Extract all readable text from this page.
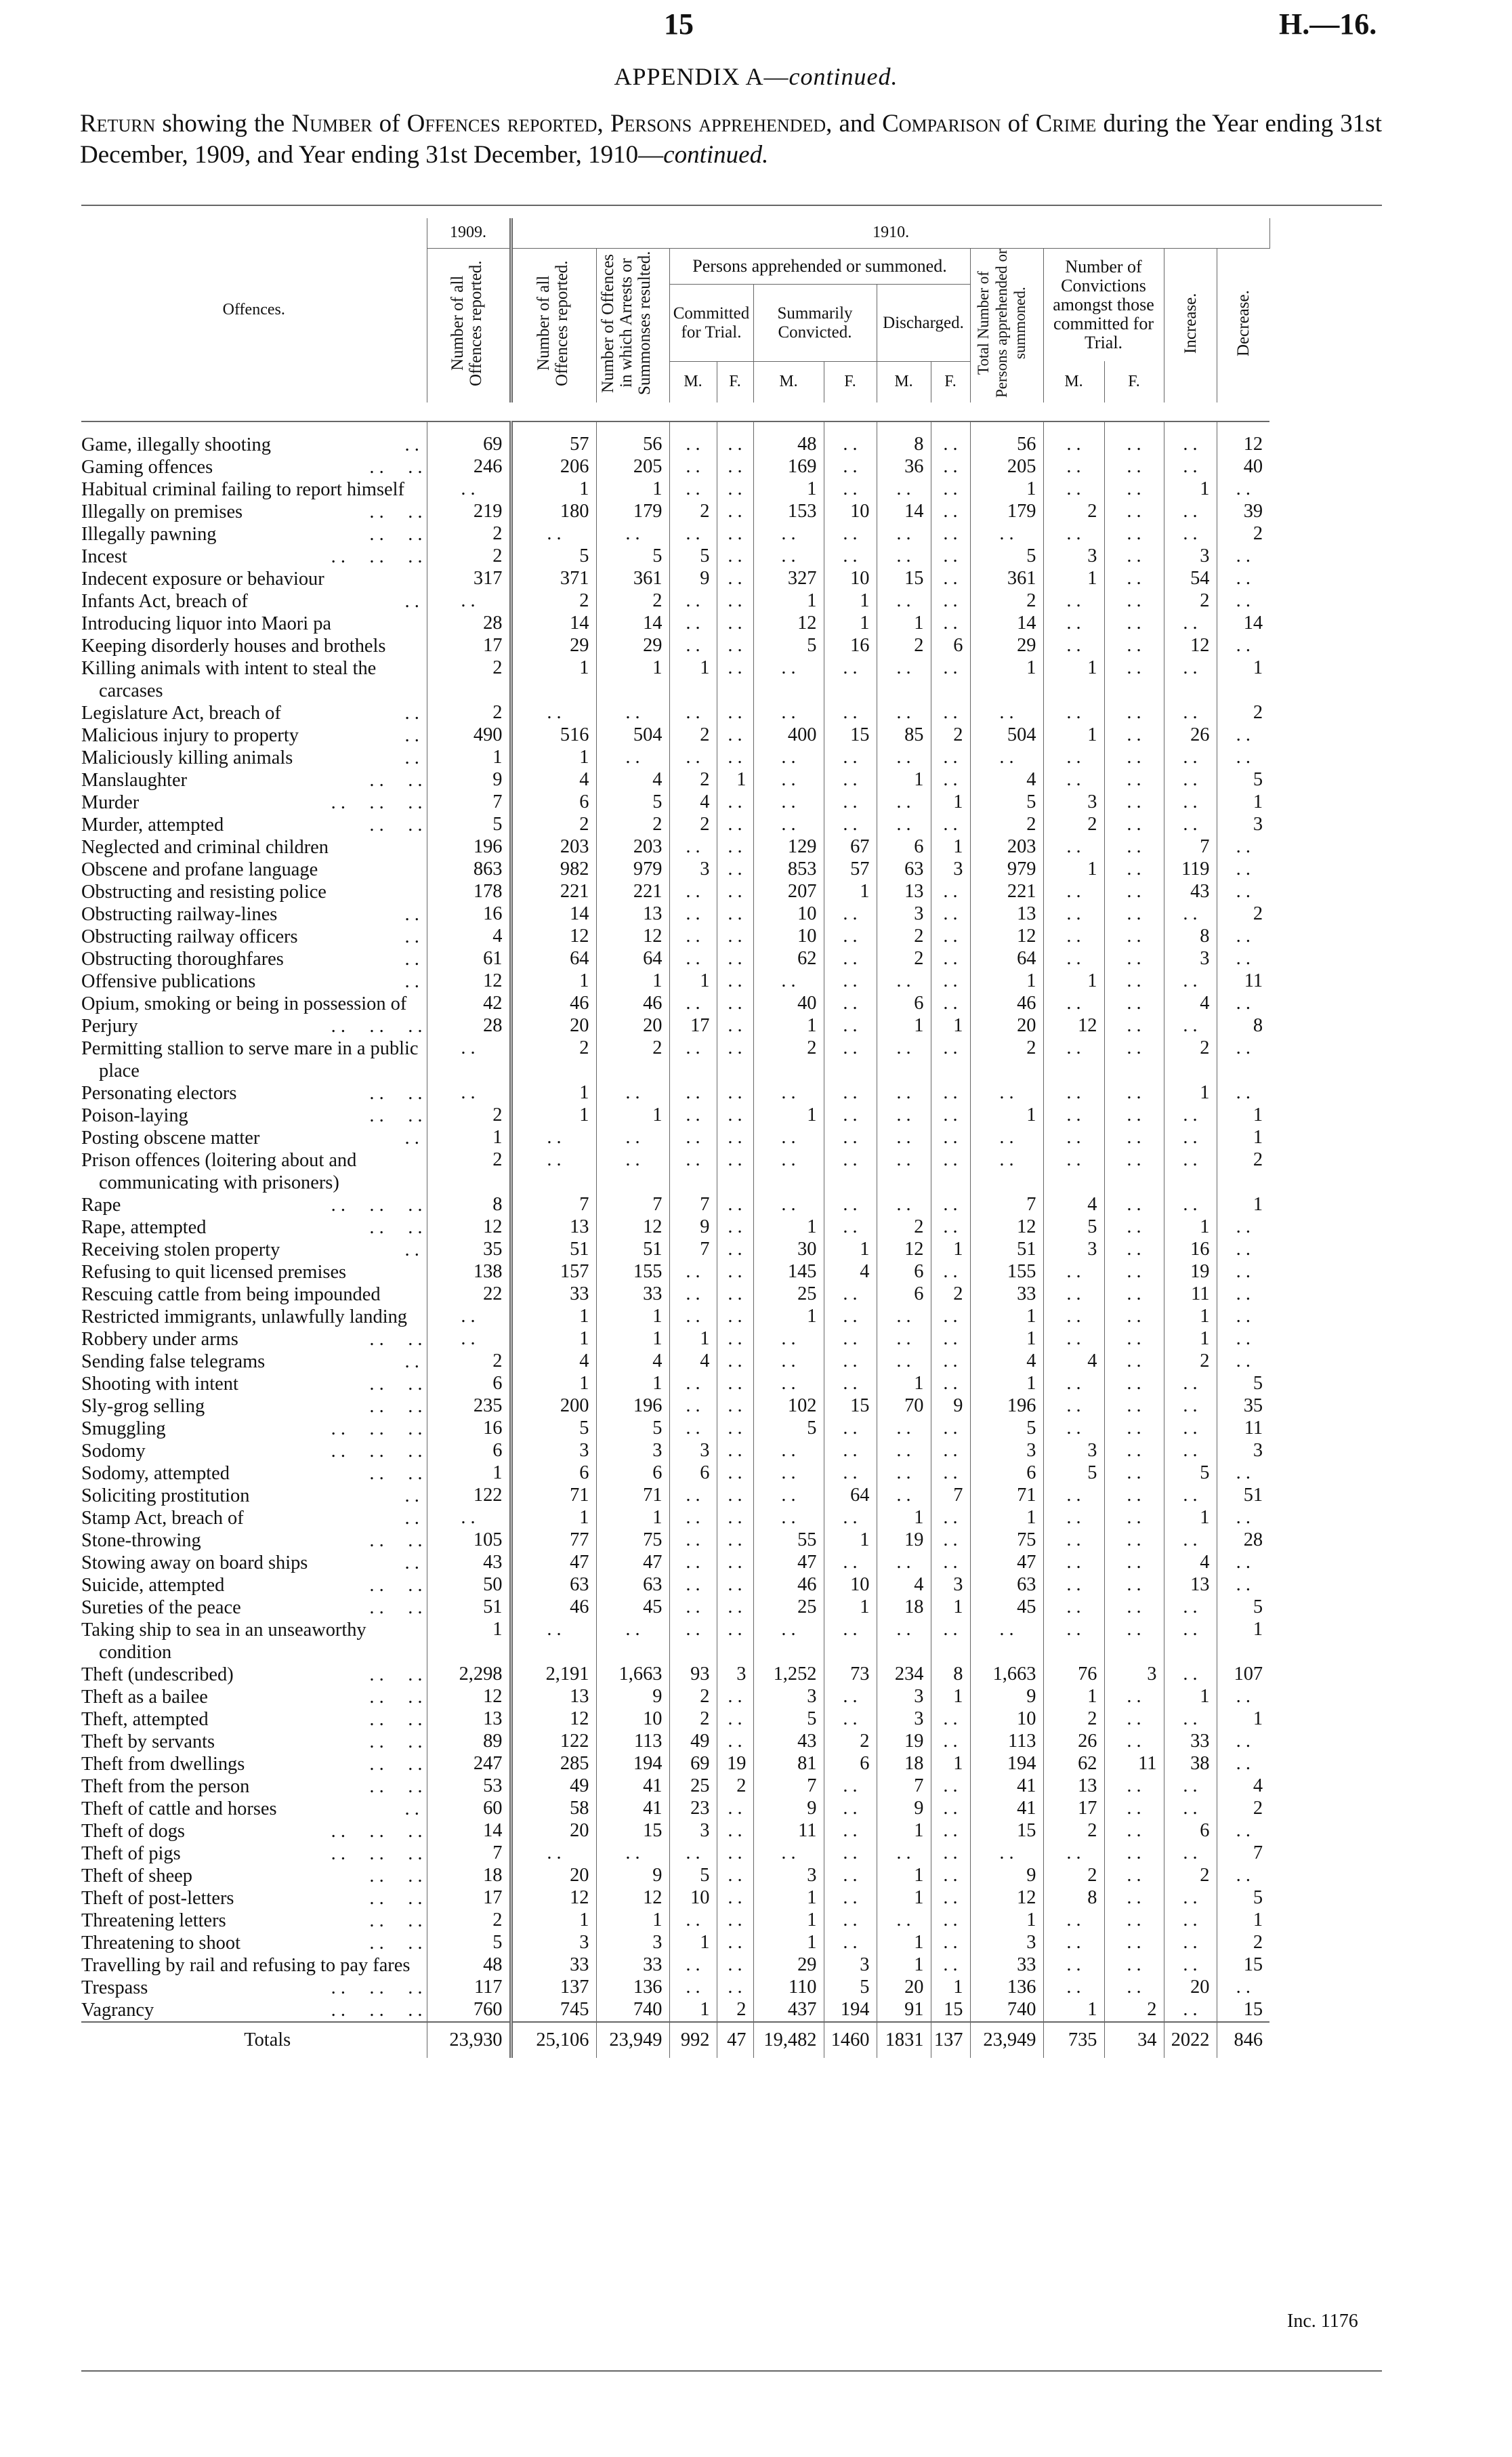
15	H.—16.
APPENDIX A—continued.
Return showing the Number of Offences reported, Persons apprehended, and Comparison of Crime during the Year ending 31st December, 1909, and Year ending 31st December, 1910—continued.
Offences.	1909.	1910.													
	Number of all Offences reported.	Number of all Offences reported.	Number of Offences in which Arrests or Summonses resulted.	Persons apprehended or summoned.						Total Number of Persons apprehended or summoned.	Number of Convictions amongst those committed for Trial.		Increase.	Decrease.	
				Committed for Trial.		Summarily Convicted.		Discharged.							
				M.	F.	M.	F.	M.	F.		M.	F.			

Game, illegally shooting . .	69	57	56	. .	. .	48	. .	8	. .	56	. .	. .	. .	12	
Gaming offences . .     . .	246	206	205	. .	. .	169	. .	36	. .	205	. .	. .	. .	40	
Habitual criminal failing to report himself	. .	1	1	. .	. .	1	. .	. .	. .	1	. .	. .	1	. .	
Illegally on premises . .     . .	219	180	179	2	. .	153	10	14	. .	179	2	. .	. .	39	
Illegally pawning . .     . .	2	. .	. .	. .	. .	. .	. .	. .	. .	. .	. .	. .	. .	2	
Incest . .     . .     . .	2	5	5	5	. .	. .	. .	. .	. .	5	3	. .	3	. .	
Indecent exposure or behaviour	317	371	361	9	. .	327	10	15	. .	361	1	. .	54	. .	
Infants Act, breach of . .	. .	2	2	. .	. .	1	1	. .	. .	2	. .	. .	2	. .	
Introducing liquor into Maori pa	28	14	14	. .	. .	12	1	1	. .	14	. .	. .	. .	14	
Keeping disorderly houses and brothels	17	29	29	. .	. .	5	16	2	6	29	. .	. .	12	. .	
Killing animals with intent to steal the carcases	2	1	1	1	. .	. .	. .	. .	. .	1	1	. .	. .	1	
Legislature Act, breach of . .	2	. .	. .	. .	. .	. .	. .	. .	. .	. .	. .	. .	. .	2	
Malicious injury to property . .	490	516	504	2	. .	400	15	85	2	504	1	. .	26	. .	
Maliciously killing animals . .	1	1	. .	. .	. .	. .	. .	. .	. .	. .	. .	. .	. .	. .	
Manslaughter . .     . .	9	4	4	2	1	. .	. .	1	. .	4	. .	. .	. .	5	
Murder . .     . .     . .	7	6	5	4	. .	. .	. .	. .	1	5	3	. .	. .	1	
Murder, attempted . .     . .	5	2	2	2	. .	. .	. .	. .	. .	2	2	. .	. .	3	
Neglected and criminal children	196	203	203	. .	. .	129	67	6	1	203	. .	. .	7	. .	
Obscene and profane language	863	982	979	3	. .	853	57	63	3	979	1	. .	119	. .	
Obstructing and resisting police	178	221	221	. .	. .	207	1	13	. .	221	. .	. .	43	. .	
Obstructing railway-lines . .	16	14	13	. .	. .	10	. .	3	. .	13	. .	. .	. .	2	
Obstructing railway officers . .	4	12	12	. .	. .	10	. .	2	. .	12	. .	. .	8	. .	
Obstructing thoroughfares . .	61	64	64	. .	. .	62	. .	2	. .	64	. .	. .	3	. .	
Offensive publications . .	12	1	1	1	. .	. .	. .	. .	. .	1	1	. .	. .	11	
Opium, smoking or being in possession of	42	46	46	. .	. .	40	. .	6	. .	46	. .	. .	4	. .	
Perjury . .     . .     . .	28	20	20	17	. .	1	. .	1	1	20	12	. .	. .	8	
Permitting stallion to serve mare in a public place	. .	2	2	. .	. .	2	. .	. .	. .	2	. .	. .	2	. .	
Personating electors . .     . .	. .	1	. .	. .	. .	. .	. .	. .	. .	. .	. .	. .	1	. .	
Poison-laying . .     . .	2	1	1	. .	. .	1	. .	. .	. .	1	. .	. .	. .	1	
Posting obscene matter . .	1	. .	. .	. .	. .	. .	. .	. .	. .	. .	. .	. .	. .	1	
Prison offences (loitering about and communicating with prisoners)	2	. .	. .	. .	. .	. .	. .	. .	. .	. .	. .	. .	. .	2	
Rape . .     . .     . .	8	7	7	7	. .	. .	. .	. .	. .	7	4	. .	. .	1	
Rape, attempted . .     . .	12	13	12	9	. .	1	. .	2	. .	12	5	. .	1	. .	
Receiving stolen property . .	35	51	51	7	. .	30	1	12	1	51	3	. .	16	. .	
Refusing to quit licensed premises	138	157	155	. .	. .	145	4	6	. .	155	. .	. .	19	. .	
Rescuing cattle from being impounded	22	33	33	. .	. .	25	. .	6	2	33	. .	. .	11	. .	
Restricted immigrants, unlawfully landing	. .	1	1	. .	. .	1	. .	. .	. .	1	. .	. .	1	. .	
Robbery under arms . .     . .	. .	1	1	1	. .	. .	. .	. .	. .	1	. .	. .	1	. .	
Sending false telegrams . .	2	4	4	4	. .	. .	. .	. .	. .	4	4	. .	2	. .	
Shooting with intent . .     . .	6	1	1	. .	. .	. .	. .	1	. .	1	. .	. .	. .	5	
Sly-grog selling . .     . .	235	200	196	. .	. .	102	15	70	9	196	. .	. .	. .	35	
Smuggling . .     . .     . .	16	5	5	. .	. .	5	. .	. .	. .	5	. .	. .	. .	11	
Sodomy . .     . .     . .	6	3	3	3	. .	. .	. .	. .	. .	3	3	. .	. .	3	
Sodomy, attempted . .     . .	1	6	6	6	. .	. .	. .	. .	. .	6	5	. .	5	. .	
Soliciting prostitution . .	122	71	71	. .	. .	. .	64	. .	7	71	. .	. .	. .	51	
Stamp Act, breach of . .	. .	1	1	. .	. .	. .	. .	1	. .	1	. .	. .	1	. .	
Stone-throwing . .     . .	105	77	75	. .	. .	55	1	19	. .	75	. .	. .	. .	28	
Stowing away on board ships . .	43	47	47	. .	. .	47	. .	. .	. .	47	. .	. .	4	. .	
Suicide, attempted . .     . .	50	63	63	. .	. .	46	10	4	3	63	. .	. .	13	. .	
Sureties of the peace . .     . .	51	46	45	. .	. .	25	1	18	1	45	. .	. .	. .	5	
Taking ship to sea in an unseaworthy condition	1	. .	. .	. .	. .	. .	. .	. .	. .	. .	. .	. .	. .	1	
Theft (undescribed) . .     . .	2,298	2,191	1,663	93	3	1,252	73	234	8	1,663	76	3	. .	107	
Theft as a bailee . .     . .	12	13	9	2	. .	3	. .	3	1	9	1	. .	1	. .	
Theft, attempted . .     . .	13	12	10	2	. .	5	. .	3	. .	10	2	. .	. .	1	
Theft by servants . .     . .	89	122	113	49	. .	43	2	19	. .	113	26	. .	33	. .	
Theft from dwellings . .     . .	247	285	194	69	19	81	6	18	1	194	62	11	38	. .	
Theft from the person . .     . .	53	49	41	25	2	7	. .	7	. .	41	13	. .	. .	4	
Theft of cattle and horses . .	60	58	41	23	. .	9	. .	9	. .	41	17	. .	. .	2	
Theft of dogs . .     . .     . .	14	20	15	3	. .	11	. .	1	. .	15	2	. .	6	. .	
Theft of pigs . .     . .     . .	7	. .	. .	. .	. .	. .	. .	. .	. .	. .	. .	. .	. .	7	
Theft of sheep . .     . .	18	20	9	5	. .	3	. .	1	. .	9	2	. .	2	. .	
Theft of post-letters . .     . .	17	12	12	10	. .	1	. .	1	. .	12	8	. .	. .	5	
Threatening letters . .     . .	2	1	1	. .	. .	1	. .	. .	. .	1	. .	. .	. .	1	
Threatening to shoot . .     . .	5	3	3	1	. .	1	. .	1	. .	3	. .	. .	. .	2	
Travelling by rail and refusing to pay fares	48	33	33	. .	. .	29	3	1	. .	33	. .	. .	. .	15	
Trespass . .     . .     . .	117	137	136	. .	. .	110	5	20	1	136	. .	. .	20	. .	
Vagrancy . .     . .     . .	760	745	740	1	2	437	194	91	15	740	1	2	. .	15	
Totals	23,930	25,106	23,949	992	47	19,482	1460	1831	137	23,949	735	34	2022	846	
Inc. 1176
